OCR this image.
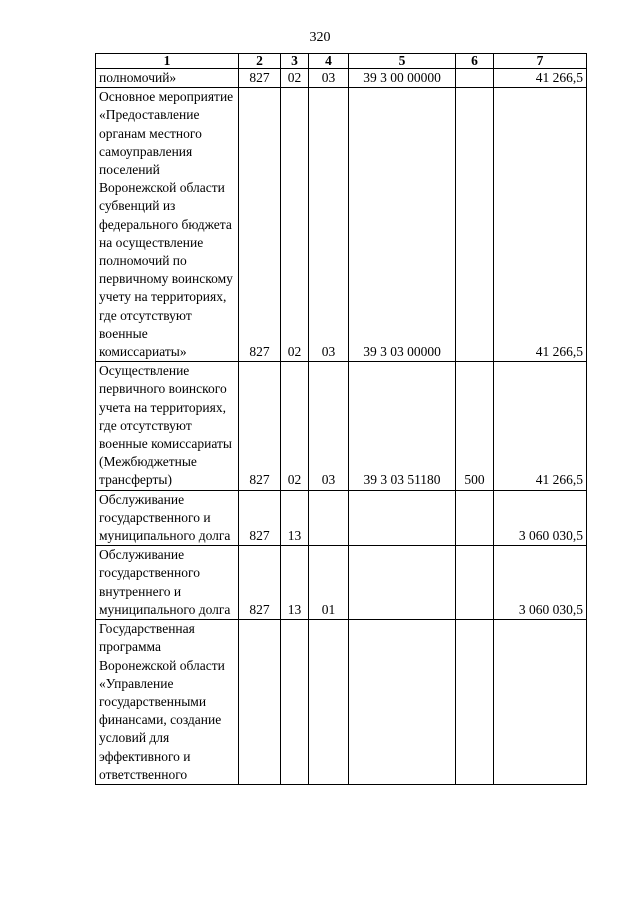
320
1	2	3	4	5	6	7
полномочий»	827	02	03	39 3 00 00000		41 266,5
Основное мероприятие «Предоставление органам местного самоуправления поселений Воронежской области субвенций из федерального бюджета на осуществление полномочий по первичному воинскому учету на территориях, где отсутствуют военные комиссариаты»	827	02	03	39 3 03 00000		41 266,5
Осуществление первичного воинского учета на территориях, где отсутствуют военные комиссариаты (Межбюджетные трансферты)	827	02	03	39 3 03 51180	500	41 266,5
Обслуживание государственного и муниципального долга	827	13				3 060 030,5
Обслуживание государственного внутреннего и муниципального долга	827	13	01			3 060 030,5
Государственная программа Воронежской области «Управление государственными финансами, создание условий для эффективного и ответственного						
